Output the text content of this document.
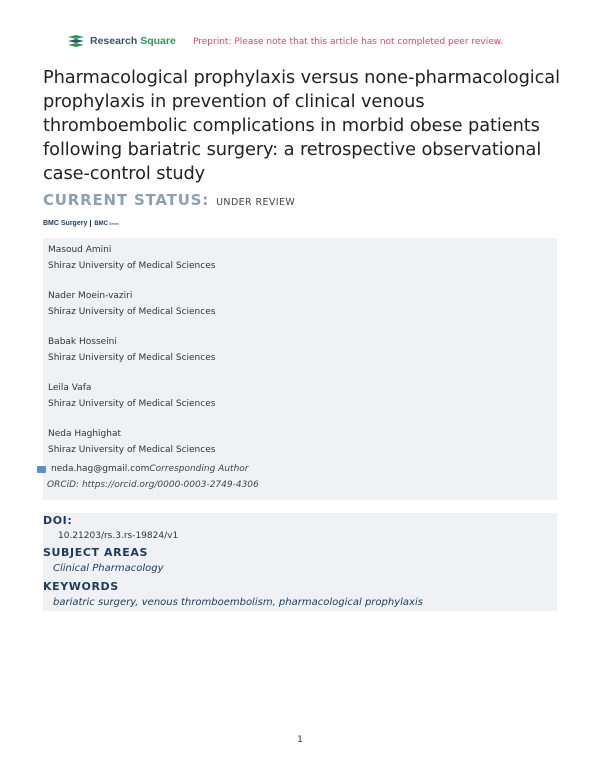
Research Square Preprint: Please note that this article has not completed peer review.
Pharmacological prophylaxis versus none-pharmacological prophylaxis in prevention of clinical venous thromboembolic complications in morbid obese patients following bariatric surgery: a retrospective observational case-control study
CURRENT STATUS: UNDER REVIEW
BMC Surgery BMCSeries
Masoud Amini
Shiraz University of Medical Sciences
Nader Moein-vaziri
Shiraz University of Medical Sciences
Babak Hosseini
Shiraz University of Medical Sciences
Leila Vafa
Shiraz University of Medical Sciences
Neda Haghighat
Shiraz University of Medical Sciences
neda.hag@gmail.com Corresponding Author
ORCiD: https://orcid.org/0000-0003-2749-4306
DOI:
10.21203/rs.3.rs-19824/v1
SUBJECT AREAS
Clinical Pharmacology
KEYWORDS
bariatric surgery, venous thromboembolism, pharmacological prophylaxis
1
